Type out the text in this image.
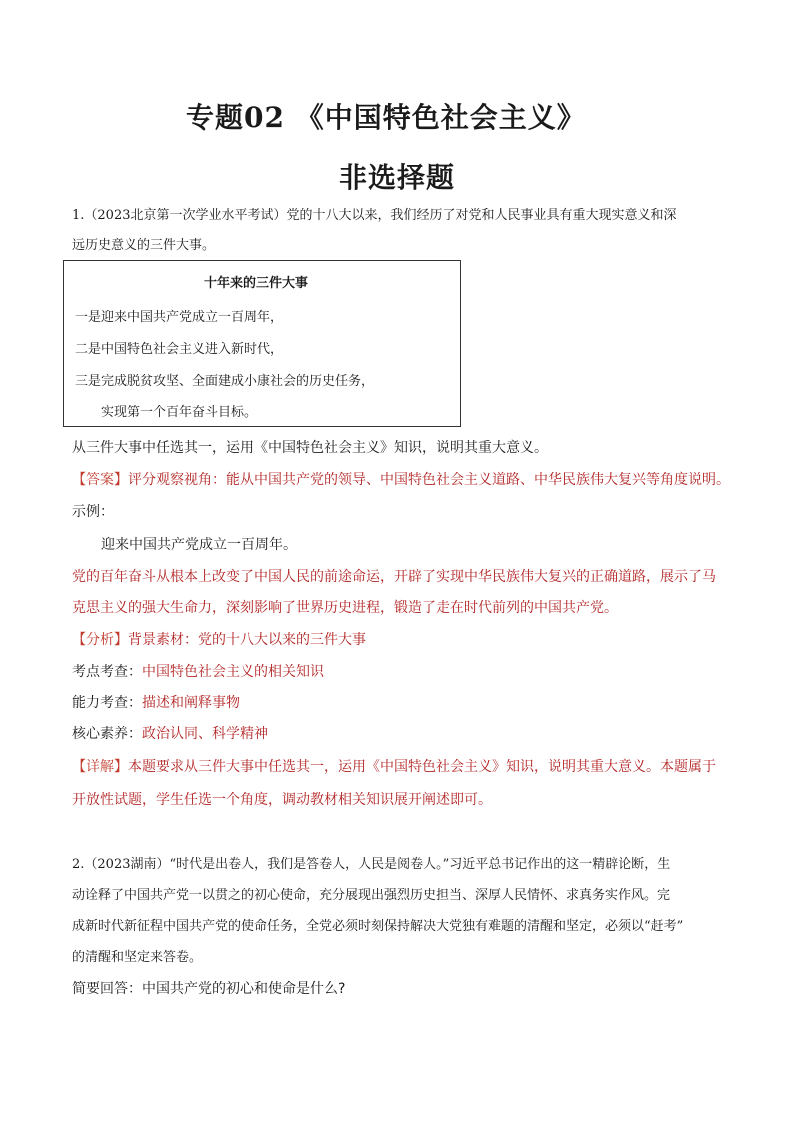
专题02 《中国特色社会主义》
非选择题
1.（2023北京第一次学业水平考试）党的十八大以来，我们经历了对党和人民事业具有重大现实意义和深
远历史意义的三件大事。
十年来的三件大事
一是迎来中国共产党成立一百周年，
二是中国特色社会主义进入新时代，
三是完成脱贫攻坚、全面建成小康社会的历史任务，
实现第一个百年奋斗目标。
从三件大事中任选其一，运用《中国特色社会主义》知识，说明其重大意义。
【答案】评分观察视角：能从中国共产党的领导、中国特色社会主义道路、中华民族伟大复兴等角度说明。
示例：
迎来中国共产党成立一百周年。
党的百年奋斗从根本上改变了中国人民的前途命运，开辟了实现中华民族伟大复兴的正确道路，展示了马
克思主义的强大生命力，深刻影响了世界历史进程，锻造了走在时代前列的中国共产党。
【分析】背景素材：党的十八大以来的三件大事
考点考查：中国特色社会主义的相关知识
能力考查：描述和阐释事物
核心素养：政治认同、科学精神
【详解】本题要求从三件大事中任选其一，运用《中国特色社会主义》知识，说明其重大意义。本题属于
开放性试题，学生任选一个角度，调动教材相关知识展开阐述即可。
2.（2023湖南）“时代是出卷人，我们是答卷人，人民是阅卷人。”习近平总书记作出的这一精辟论断，生
动诠释了中国共产党一以贯之的初心使命，充分展现出强烈历史担当、深厚人民情怀、求真务实作风。完
成新时代新征程中国共产党的使命任务，全党必须时刻保持解决大党独有难题的清醒和坚定，必须以“赶考”
的清醒和坚定来答卷。
简要回答：中国共产党的初心和使命是什么?
